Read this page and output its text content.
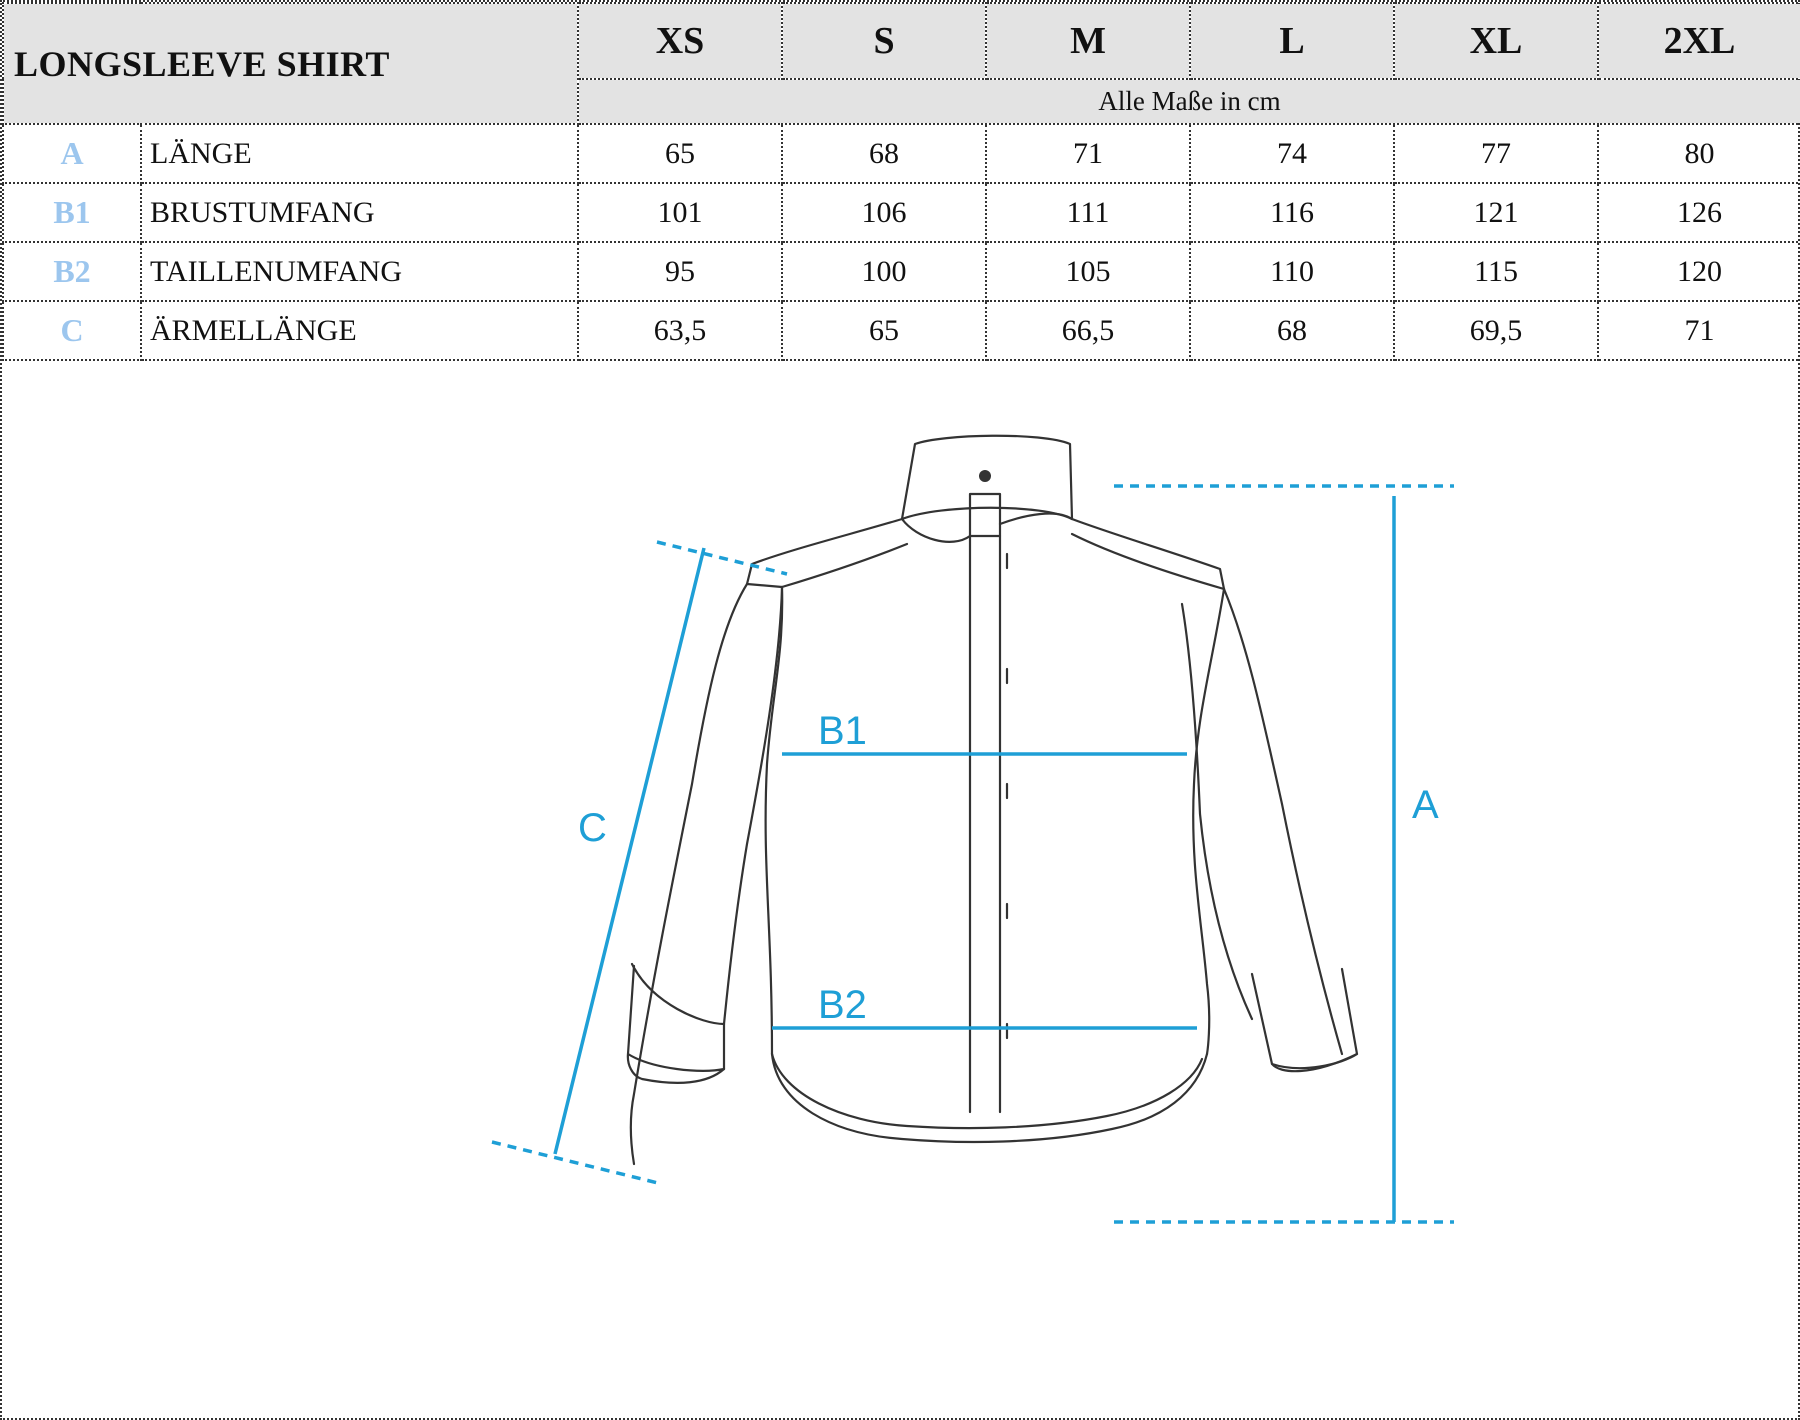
LONGSLEEVE SHIRT		XS	S	M	L	XL	2XL
		Alle Maße in cm					
A	LÄNGE	65	68	71	74	77	80
B1	BRUSTUMFANG	101	106	111	116	121	126
B2	TAILLENUMFANG	95	100	105	110	115	120
C	ÄRMELLÄNGE	63,5	65	66,5	68	69,5	71
B1
B2
A
C
